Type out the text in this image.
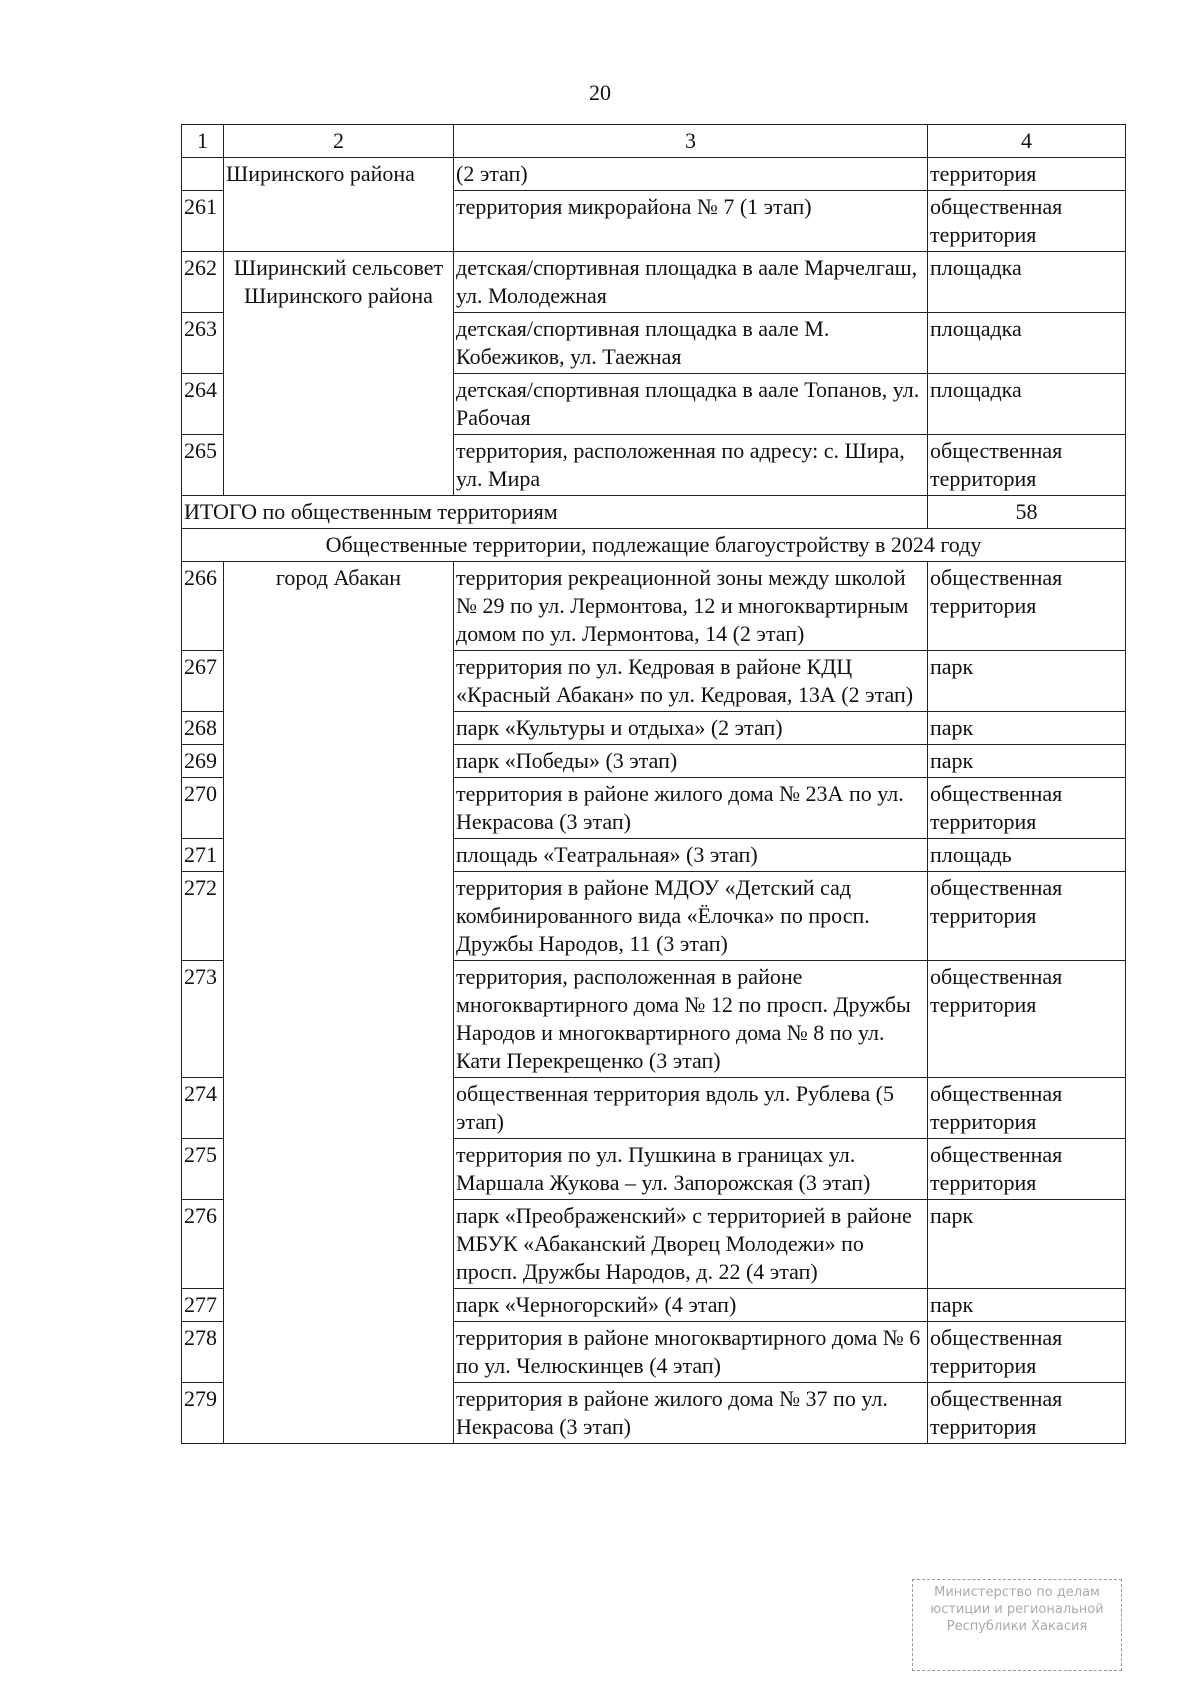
20
1	2	3	4
	Ширинского района	(2 этап)	территория
261		территория микрорайона № 7 (1 этап)	общественная территория
262	Ширинский сельсовет Ширинского района	детская/спортивная площадка в аале Марчелгаш, ул. Молодежная	площадка
263		детская/спортивная площадка в аале М. Кобежиков, ул. Таежная	площадка
264		детская/спортивная площадка в аале Топанов, ул. Рабочая	площадка
265		территория, расположенная по адресу: с. Шира, ул. Мира	общественная территория
ИТОГО по общественным территориям			58
Общественные территории, подлежащие благоустройству в 2024 году			
266	город Абакан	территория рекреационной зоны между школой № 29 по ул. Лермонтова, 12 и многоквартирным домом по ул. Лермонтова, 14 (2 этап)	общественная территория
267		территория по ул. Кедровая в районе КДЦ «Красный Абакан» по ул. Кедровая, 13А (2 этап)	парк
268		парк «Культуры и отдыха» (2 этап)	парк
269		парк «Победы» (3 этап)	парк
270		территория в районе жилого дома № 23А по ул. Некрасова (3 этап)	общественная территория
271		площадь «Театральная» (3 этап)	площадь
272		территория в районе МДОУ «Детский сад комбинированного вида «Ёлочка» по просп. Дружбы Народов, 11 (3 этап)	общественная территория
273		территория, расположенная в районе многоквартирного дома № 12 по просп. Дружбы Народов и многоквартирного дома № 8 по ул. Кати Перекрещенко (3 этап)	общественная территория
274		общественная территория вдоль ул. Рублева (5 этап)	общественная территория
275		территория по ул. Пушкина в границах ул. Маршала Жукова – ул. Запорожская (3 этап)	общественная территория
276		парк «Преображенский» с территорией в районе МБУК «Абаканский Дворец Молодежи» по просп. Дружбы Народов, д. 22 (4 этап)	парк
277		парк «Черногорский» (4 этап)	парк
278		территория в районе многоквартирного дома № 6 по ул. Челюскинцев (4 этап)	общественная территория
279		территория в районе жилого дома № 37 по ул. Некрасова (3 этап)	общественная территория
Министерство по делам
юстиции и региональной
Республики Хакасия
